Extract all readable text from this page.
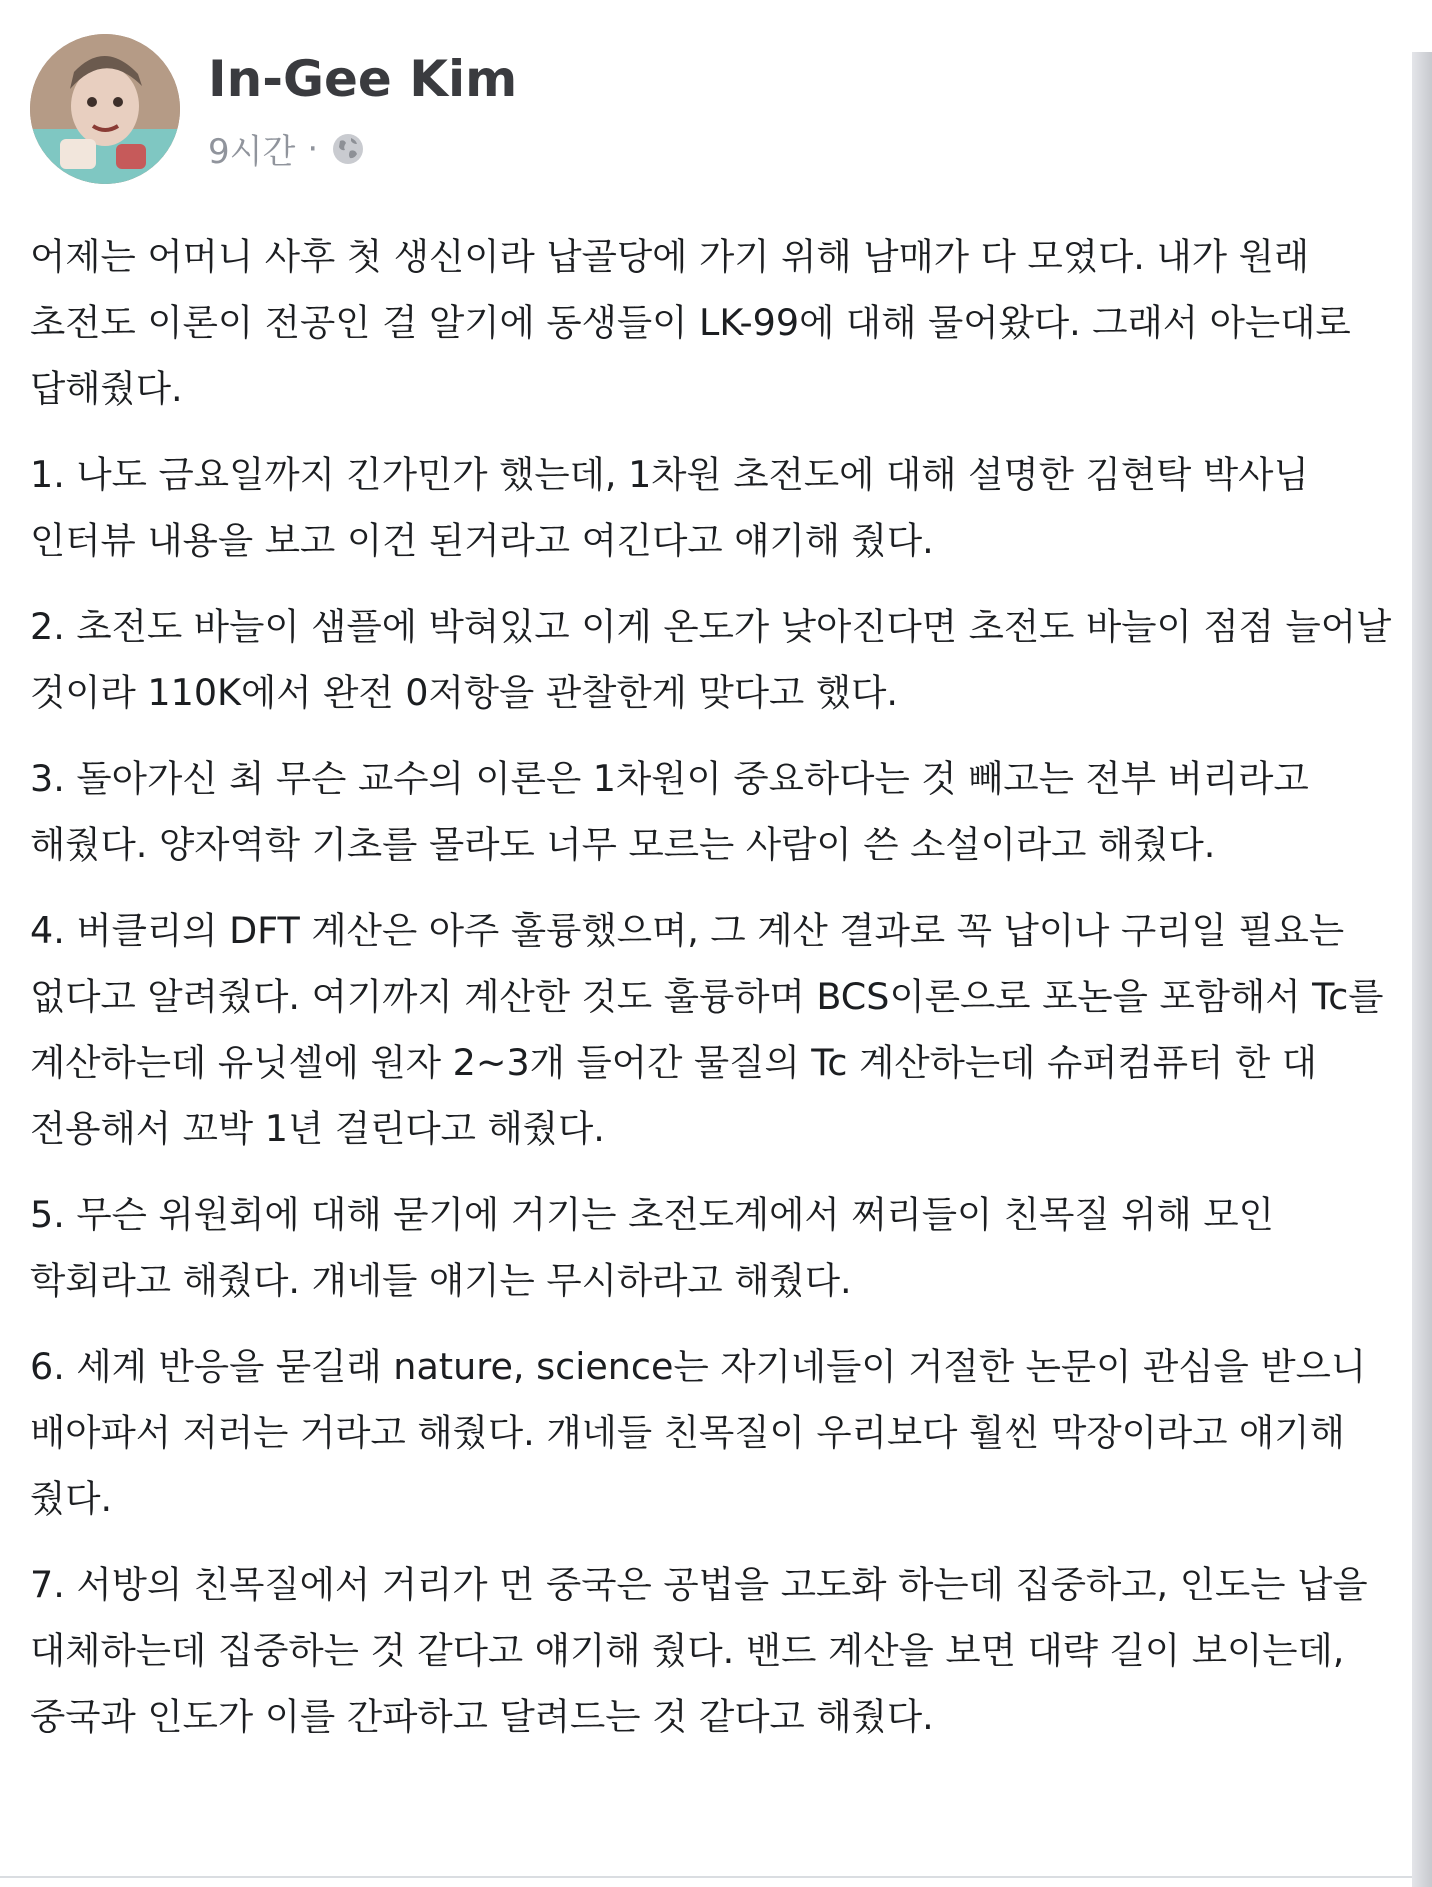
In-Gee Kim
9시간 ·

어제는 어머니 사후 첫 생신이라 납골당에 가기 위해 남매가 다 모였다. 내가 원래 초전도 이론이 전공인 걸 알기에 동생들이 LK-99에 대해 물어왔다. 그래서 아는대로 답해줬다.

1. 나도 금요일까지 긴가민가 했는데, 1차원 초전도에 대해 설명한 김현탁 박사님 인터뷰 내용을 보고 이건 된거라고 여긴다고 얘기해 줬다.

2. 초전도 바늘이 샘플에 박혀있고 이게 온도가 낮아진다면 초전도 바늘이 점점 늘어날 것이라 110K에서 완전 0저항을 관찰한게 맞다고 했다.

3. 돌아가신 최 무슨 교수의 이론은 1차원이 중요하다는 것 빼고는 전부 버리라고 해줬다. 양자역학 기초를 몰라도 너무 모르는 사람이 쓴 소설이라고 해줬다.

4. 버클리의 DFT 계산은 아주 훌륭했으며, 그 계산 결과로 꼭 납이나 구리일 필요는 없다고 알려줬다. 여기까지 계산한 것도 훌륭하며 BCS이론으로 포논을 포함해서 Tc를 계산하는데 유닛셀에 원자 2~3개 들어간 물질의 Tc 계산하는데 슈퍼컴퓨터 한 대 전용해서 꼬박 1년 걸린다고 해줬다.

5. 무슨 위원회에 대해 묻기에 거기는 초전도계에서 쩌리들이 친목질 위해 모인 학회라고 해줬다. 걔네들 얘기는 무시하라고 해줬다.

6. 세계 반응을 묻길래 nature, science는 자기네들이 거절한 논문이 관심을 받으니 배아파서 저러는 거라고 해줬다. 걔네들 친목질이 우리보다 훨씬 막장이라고 얘기해 줬다.

7. 서방의 친목질에서 거리가 먼 중국은 공법을 고도화 하는데 집중하고, 인도는 납을 대체하는데 집중하는 것 같다고 얘기해 줬다. 밴드 계산을 보면 대략 길이 보이는데, 중국과 인도가 이를 간파하고 달려드는 것 같다고 해줬다.
